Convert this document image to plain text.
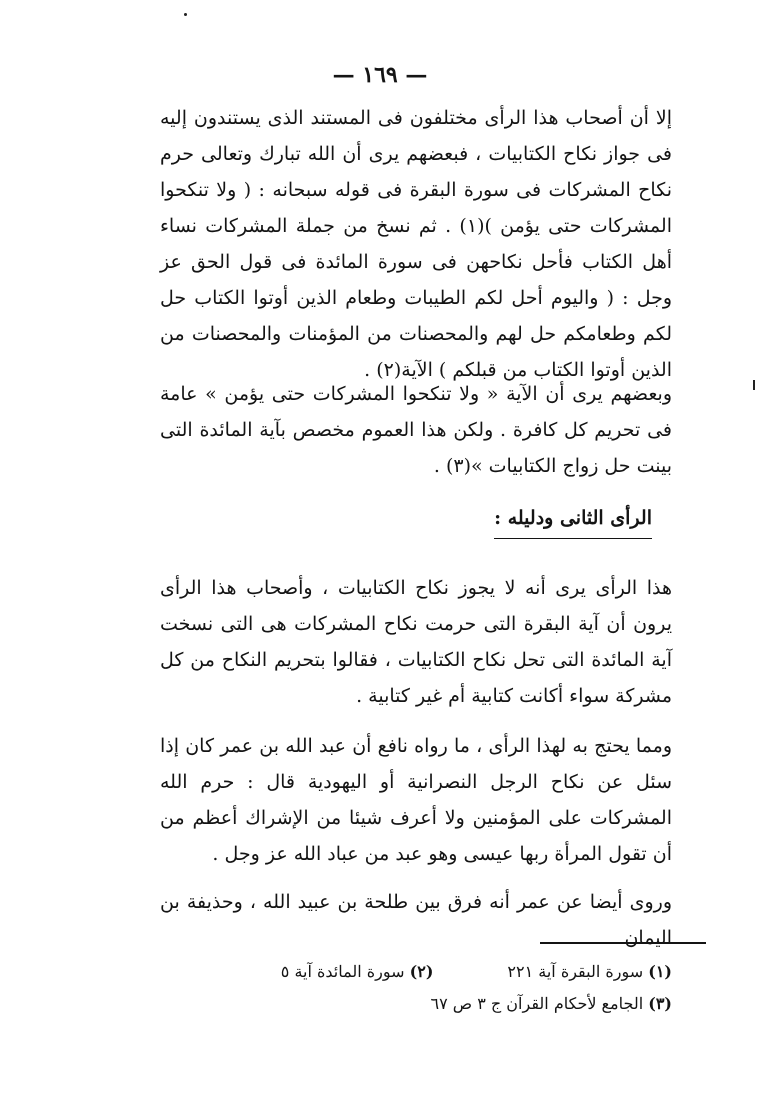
— ١٦٩ —

إلا أن أصحاب هذا الرأى مختلفون فى المستند الذى يستندون إليه فى جواز نكاح الكتابيات ، فبعضهم يرى أن الله تبارك وتعالى حرم نكاح المشركات فى سورة البقرة فى قوله سبحانه : ( ولا تنكحوا المشركات حتى يؤمن )(١) . ثم نسخ من جملة المشركات نساء أهل الكتاب فأحل نكاحهن فى سورة المائدة فى قول الحق عز وجل : ( واليوم أحل لكم الطيبات وطعام الذين أوتوا الكتاب حل لكم وطعامكم حل لهم والمحصنات من المؤمنات والمحصنات من الذين أوتوا الكتاب من قبلكم ) الآية(٢) .

وبعضهم يرى أن الآية « ولا تنكحوا المشركات حتى يؤمن » عامة فى تحريم كل كافرة . ولكن هذا العموم مخصص بآية المائدة التى بينت حل زواج الكتابيات »(٣) .

الرأى الثانى ودليله :

هذا الرأى يرى أنه لا يجوز نكاح الكتابيات ، وأصحاب هذا الرأى يرون أن آية البقرة التى حرمت نكاح المشركات هى التى نسخت آية المائدة التى تحل نكاح الكتابيات ، فقالوا بتحريم النكاح من كل مشركة سواء أكانت كتابية أم غير كتابية .

ومما يحتج به لهذا الرأى ، ما رواه نافع أن عبد الله بن عمر كان إذا سئل عن نكاح الرجل النصرانية أو اليهودية قال : حرم الله المشركات على المؤمنين ولا أعرف شيئا من الإشراك أعظم من أن تقول المرأة ربها عيسى وهو عبد من عباد الله عز وجل .

وروى أيضا عن عمر أنه فرق بين طلحة بن عبيد الله ، وحذيفة بن اليمان

(١) سورة البقرة آية ٢٢١
(٢) سورة المائدة آية ٥
(٣) الجامع لأحكام القرآن ج ٣ ص ٦٧
